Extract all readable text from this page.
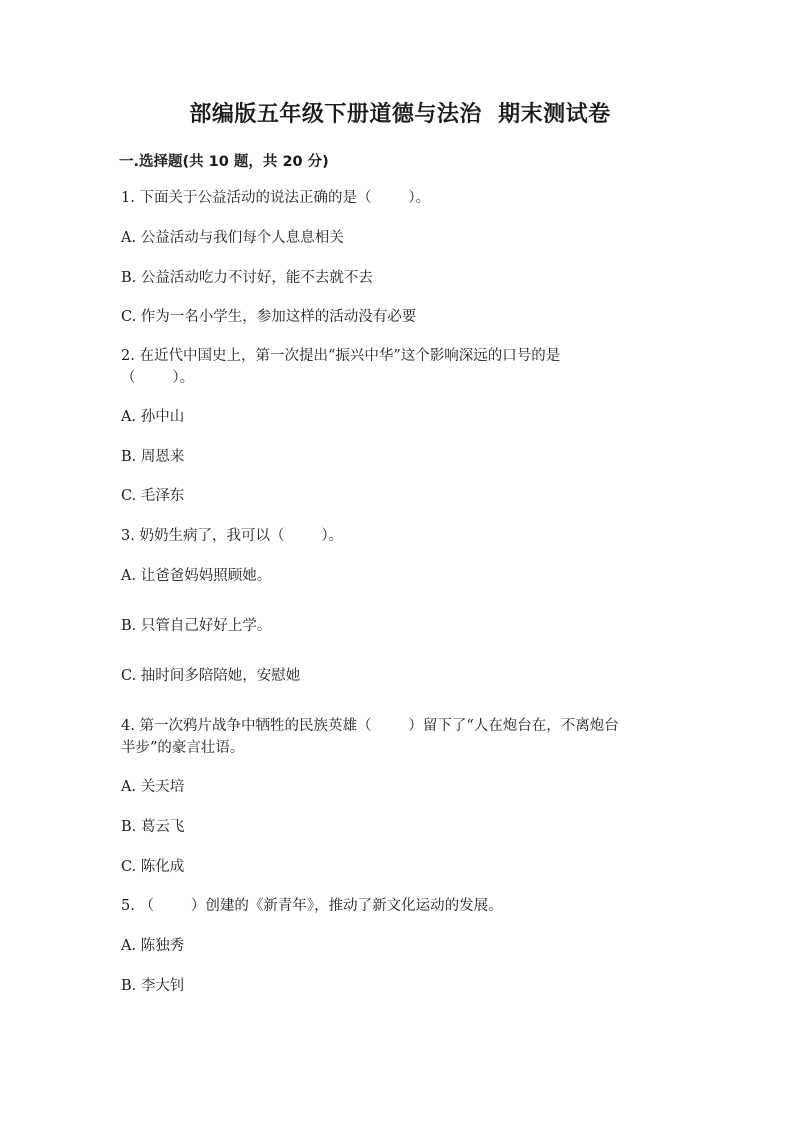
部编版五年级下册道德与法治  期末测试卷
一.选择题(共 10 题，共 20 分)
1. 下面关于公益活动的说法正确的是（        ）。
A. 公益活动与我们每个人息息相关
B. 公益活动吃力不讨好，能不去就不去
C. 作为一名小学生，参加这样的活动没有必要
2. 在近代中国史上，第一次提出“振兴中华”这个影响深远的口号的是
（        ）。
A. 孙中山
B. 周恩来
C. 毛泽东
3. 奶奶生病了，我可以（        ）。
A. 让爸爸妈妈照顾她。
B. 只管自己好好上学。
C. 抽时间多陪陪她，安慰她
4. 第一次鸦片战争中牺牲的民族英雄（        ）留下了“人在炮台在，不离炮台
半步”的豪言壮语。
A. 关天培
B. 葛云飞
C. 陈化成
5. （        ）创建的《新青年》，推动了新文化运动的发展。
A. 陈独秀
B. 李大钊
